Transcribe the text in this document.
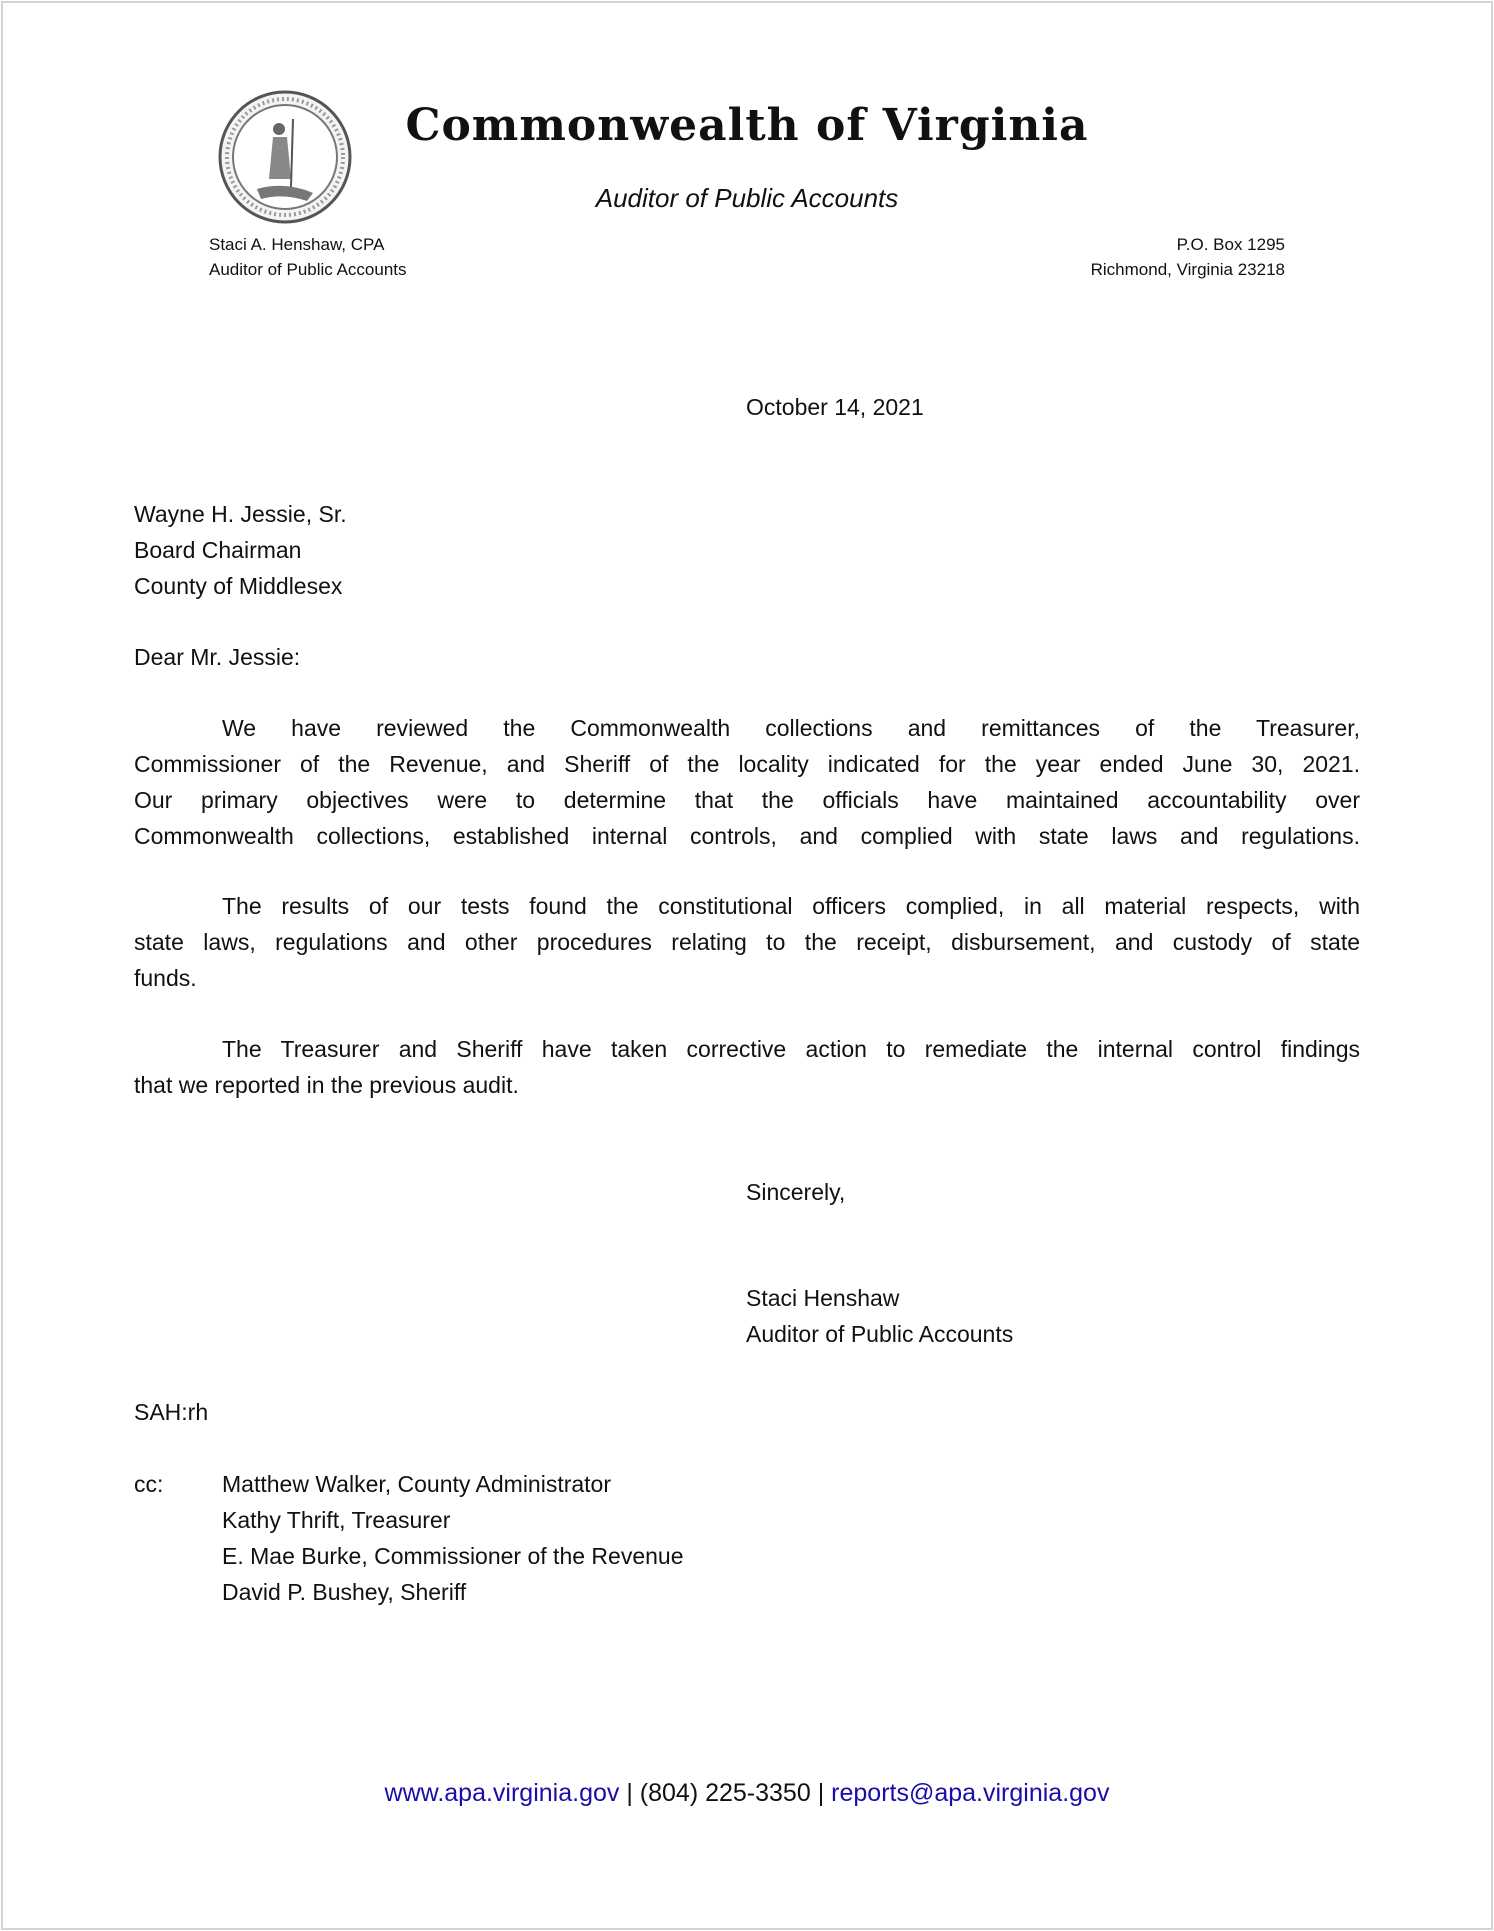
Commonwealth of Virginia
Auditor of Public Accounts
Staci A. Henshaw, CPA
Auditor of Public Accounts
P.O. Box 1295
Richmond, Virginia 23218
October 14, 2021
Wayne H. Jessie, Sr.
Board Chairman
County of Middlesex
Dear Mr. Jessie:
We have reviewed the Commonwealth collections and remittances of the Treasurer,
Commissioner of the Revenue, and Sheriff of the locality indicated for the year ended June 30, 2021.
Our primary objectives were to determine that the officials have maintained accountability over
Commonwealth collections, established internal controls, and complied with state laws and regulations.
The results of our tests found the constitutional officers complied, in all material respects, with
state laws, regulations and other procedures relating to the receipt, disbursement, and custody of state
funds.
The Treasurer and Sheriff have taken corrective action to remediate the internal control findings
that we reported in the previous audit.
Sincerely,
Staci Henshaw
Auditor of Public Accounts
SAH:rh
cc:	Matthew Walker, County Administrator
Kathy Thrift, Treasurer
E. Mae Burke, Commissioner of the Revenue
David P. Bushey, Sheriff
www.apa.virginia.gov | (804) 225-3350 | reports@apa.virginia.gov
